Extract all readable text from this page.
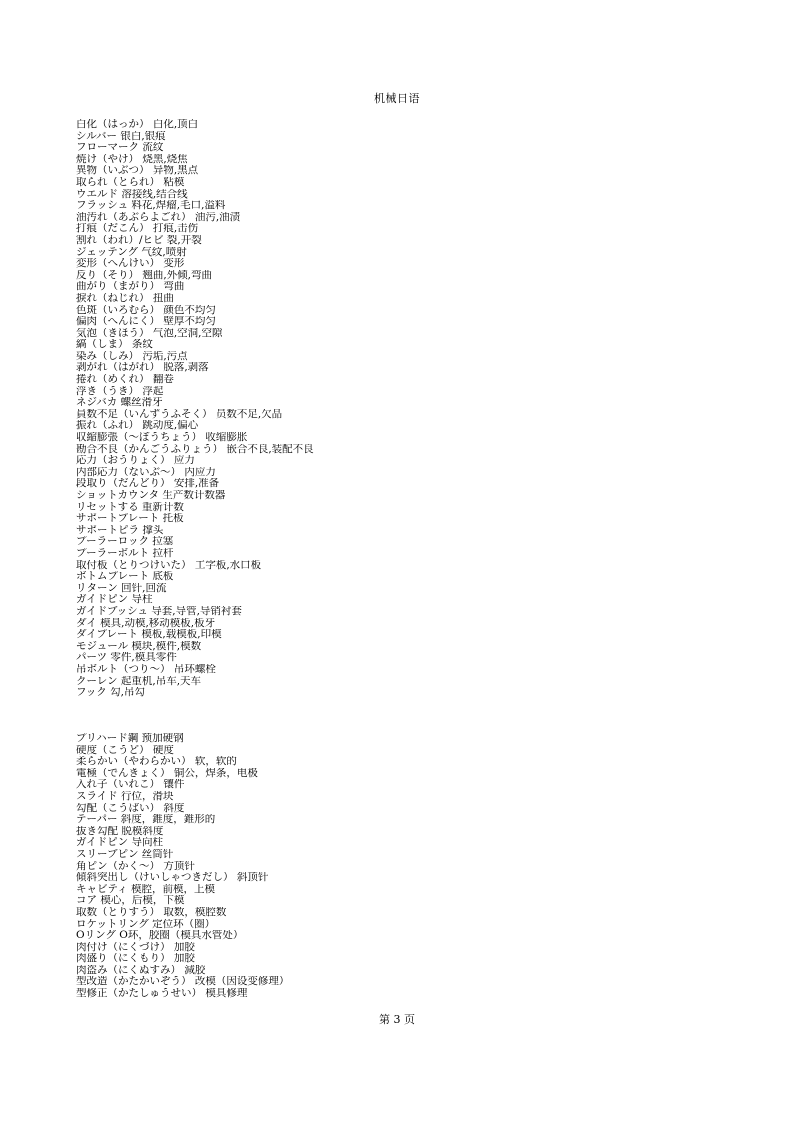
机械日语
白化（はっか） 白化,顶白
シルバー 银白,银痕
フローマーク 流纹
焼け（やけ） 烧黑,烧焦
異物（いぶつ） 异物,黑点
取られ（とられ） 粘模
ウエルド 溶接线,结合线
フラッシュ 料花,焊瘤,毛口,溢料
油汚れ（あぶらよごれ） 油污,油渍
打痕（だこん） 打痕,击伤
割れ（われ）/ヒビ 裂,开裂
ジェッテング 气纹,喷射
変形（へんけい） 变形
反り（そり） 翘曲,外倾,弯曲
曲がり（まがり） 弯曲
捩れ（ねじれ） 扭曲
色斑（いろむら） 颜色不均匀
偏肉（へんにく） 壁厚不均匀
気泡（きほう） 气泡,空洞,空隙
縞（しま） 条纹
染み（しみ） 污垢,污点
剥がれ（はがれ） 脱落,剥落
捲れ（めくれ） 翻卷
浮き（うき） 浮起
ネジバカ 螺丝滑牙
員数不足（いんずうふそく） 员数不足,欠品
振れ（ふれ） 跳动度,偏心
収縮膨張（～ぼうちょう） 收缩膨胀
勘合不良（かんごうふりょう） 嵌合不良,装配不良
応力（おうりょく） 应力
内部応力（ないぶ～） 内应力
段取り（だんどり） 安排,准备
ショットカウンタ 生产数计数器
リセットする 重新计数
サポートプレート 托板
サポートピラ 撑头
プーラーロック 拉塞
プーラーボルト 拉杆
取付板（とりつけいた） 工字板,水口板
ボトムプレート 底板
リターン 回针,回流
ガイドピン 导柱
ガイドブッシュ 导套,导管,导销衬套
ダイ 模具,动模,移动模板,板牙
ダイプレート 模板,载模板,印模
モジュール 模块,模件,模数
パーツ 零件,模具零件
吊ボルト（つり～） 吊环螺栓
クーレン 起重机,吊车,天车
フック 勾,吊勾
プリハード鋼 预加硬钢
硬度（こうど） 硬度
柔らかい（やわらかい） 软，软的
電極（でんきょく） 铜公，焊条，电极
入れ子（いれこ） 镶件
スライド 行位，滑块
勾配（こうばい） 斜度
テーパー 斜度，錐度，錐形的
抜き勾配 脱模斜度
ガイドピン 导向柱
スリーブピン 丝筒针
角ピン（かく～） 方顶针
傾斜突出し（けいしゃつきだし） 斜顶针
キャビティ 模腔，前模，上模
コア 模心，后模，下模
取数（とりすう） 取数，模腔数
ロケットリング 定位环（圈）
Oリング O环，胶圈（模具水管处）
肉付け（にくづけ） 加胶
肉盛り（にくもり） 加胶
肉盗み（にくぬすみ） 減胶
型改造（かたかいぞう） 改模（因设变修理）
型修正（かたしゅうせい） 模具修理
第 3 页
